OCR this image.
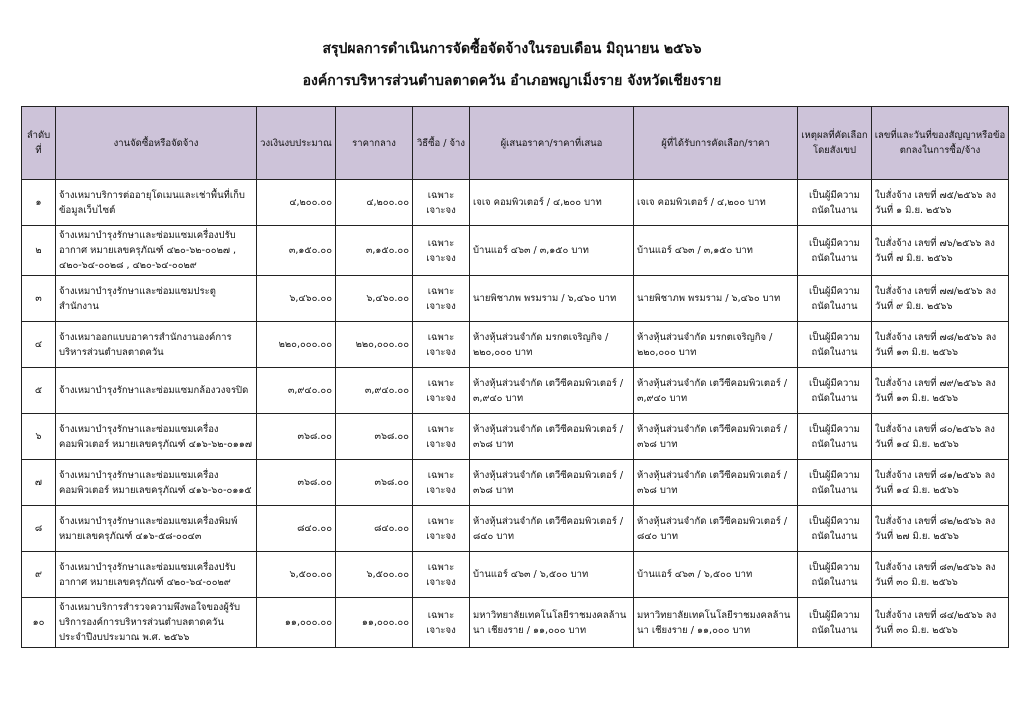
สรุปผลการดำเนินการจัดซื้อจัดจ้างในรอบเดือน มิถุนายน ๒๕๖๖
องค์การบริหารส่วนตำบลตาดควัน อำเภอพญาเม็งราย จังหวัดเชียงราย
ลำดับที่	งานจัดซื้อหรือจัดจ้าง	วงเงินงบประมาณ	ราคากลาง	วิธีซื้อ / จ้าง	ผู้เสนอราคา/ราคาที่เสนอ	ผู้ที่ได้รับการคัดเลือก/ราคา	เหตุผลที่คัดเลือกโดยสังเขป	เลขที่และวันที่ของสัญญาหรือข้อตกลงในการซื้อ/จ้าง
๑	จ้างเหมาบริการต่ออายุโดเมนและเช่าพื้นที่เก็บข้อมูลเว็บไซต์	๔,๒๐๐.๐๐	๔,๒๐๐.๐๐	เฉพาะเจาะจง	เจเจ คอมพิวเตอร์ / ๔,๒๐๐ บาท	เจเจ คอมพิวเตอร์ / ๔,๒๐๐ บาท	เป็นผู้มีความถนัดในงาน	ใบสั่งจ้าง เลขที่ ๗๕/๒๕๖๖ ลงวันที่ ๑ มิ.ย. ๒๕๖๖
๒	จ้างเหมาบำรุงรักษาและซ่อมแซมเครื่องปรับอากาศ หมายเลขครุภัณฑ์ ๔๒๐-๖๒-๐๐๒๗ , ๔๒๐-๖๔-๐๐๒๘ , ๔๒๐-๖๔-๐๐๒๙	๓,๑๕๐.๐๐	๓,๑๕๐.๐๐	เฉพาะเจาะจง	บ้านแอร์ ๔๖๓ / ๓,๑๕๐ บาท	บ้านแอร์ ๔๖๓ / ๓,๑๕๐ บาท	เป็นผู้มีความถนัดในงาน	ใบสั่งจ้าง เลขที่ ๗๖/๒๕๖๖ ลงวันที่ ๗ มิ.ย. ๒๕๖๖
๓	จ้างเหมาบำรุงรักษาและซ่อมแซมประตูสำนักงาน	๖,๔๖๐.๐๐	๖,๔๖๐.๐๐	เฉพาะเจาะจง	นายพิชาภพ พรมราม / ๖,๔๖๐ บาท	นายพิชาภพ พรมราม / ๖,๔๖๐ บาท	เป็นผู้มีความถนัดในงาน	ใบสั่งจ้าง เลขที่ ๗๗/๒๕๖๖ ลงวันที่ ๙ มิ.ย. ๒๕๖๖
๔	จ้างเหมาออกแบบอาคารสำนักงานองค์การบริหารส่วนตำบลตาดควัน	๒๒๐,๐๐๐.๐๐	๒๒๐,๐๐๐.๐๐	เฉพาะเจาะจง	ห้างหุ้นส่วนจำกัด มรกตเจริญกิจ / ๒๒๐,๐๐๐ บาท	ห้างหุ้นส่วนจำกัด มรกตเจริญกิจ / ๒๒๐,๐๐๐ บาท	เป็นผู้มีความถนัดในงาน	ใบสั่งจ้าง เลขที่ ๗๘/๒๕๖๖ ลงวันที่ ๑๓ มิ.ย. ๒๕๖๖
๕	จ้างเหมาบำรุงรักษาและซ่อมแซมกล้องวงจรปิด	๓,๙๔๐.๐๐	๓,๙๔๐.๐๐	เฉพาะเจาะจง	ห้างหุ้นส่วนจำกัด เตวีซีคอมพิวเตอร์ / ๓,๙๔๐ บาท	ห้างหุ้นส่วนจำกัด เตวีซีคอมพิวเตอร์ / ๓,๙๔๐ บาท	เป็นผู้มีความถนัดในงาน	ใบสั่งจ้าง เลขที่ ๗๙/๒๕๖๖ ลงวันที่ ๑๓ มิ.ย. ๒๕๖๖
๖	จ้างเหมาบำรุงรักษาและซ่อมแซมเครื่องคอมพิวเตอร์ หมายเลขครุภัณฑ์ ๔๑๖-๖๒-๐๑๑๗	๓๖๘.๐๐	๓๖๘.๐๐	เฉพาะเจาะจง	ห้างหุ้นส่วนจำกัด เตวีซีคอมพิวเตอร์ / ๓๖๘ บาท	ห้างหุ้นส่วนจำกัด เตวีซีคอมพิวเตอร์ / ๓๖๘ บาท	เป็นผู้มีความถนัดในงาน	ใบสั่งจ้าง เลขที่ ๘๐/๒๕๖๖ ลงวันที่ ๑๔ มิ.ย. ๒๕๖๖
๗	จ้างเหมาบำรุงรักษาและซ่อมแซมเครื่องคอมพิวเตอร์ หมายเลขครุภัณฑ์ ๔๑๖-๖๐-๐๑๑๕	๓๖๘.๐๐	๓๖๘.๐๐	เฉพาะเจาะจง	ห้างหุ้นส่วนจำกัด เตวีซีคอมพิวเตอร์ / ๓๖๘ บาท	ห้างหุ้นส่วนจำกัด เตวีซีคอมพิวเตอร์ / ๓๖๘ บาท	เป็นผู้มีความถนัดในงาน	ใบสั่งจ้าง เลขที่ ๘๑/๒๕๖๖ ลงวันที่ ๑๔ มิ.ย. ๒๕๖๖
๘	จ้างเหมาบำรุงรักษาและซ่อมแซมเครื่องพิมพ์ หมายเลขครุภัณฑ์ ๔๑๖-๕๘-๐๐๔๓	๘๔๐.๐๐	๘๔๐.๐๐	เฉพาะเจาะจง	ห้างหุ้นส่วนจำกัด เตวีซีคอมพิวเตอร์ / ๘๔๐ บาท	ห้างหุ้นส่วนจำกัด เตวีซีคอมพิวเตอร์ / ๘๔๐ บาท	เป็นผู้มีความถนัดในงาน	ใบสั่งจ้าง เลขที่ ๘๒/๒๕๖๖ ลงวันที่ ๒๗ มิ.ย. ๒๕๖๖
๙	จ้างเหมาบำรุงรักษาและซ่อมแซมเครื่องปรับอากาศ หมายเลขครุภัณฑ์ ๔๒๐-๖๔-๐๐๒๙	๖,๕๐๐.๐๐	๖,๕๐๐.๐๐	เฉพาะเจาะจง	บ้านแอร์ ๔๖๓ / ๖,๕๐๐ บาท	บ้านแอร์ ๔๖๓ / ๖,๕๐๐ บาท	เป็นผู้มีความถนัดในงาน	ใบสั่งจ้าง เลขที่ ๘๓/๒๕๖๖ ลงวันที่ ๓๐ มิ.ย. ๒๕๖๖
๑๐	จ้างเหมาบริการสำรวจความพึงพอใจของผู้รับบริการองค์การบริหารส่วนตำบลตาดควัน ประจำปีงบประมาณ พ.ศ. ๒๕๖๖	๑๑,๐๐๐.๐๐	๑๑,๐๐๐.๐๐	เฉพาะเจาะจง	มหาวิทยาลัยเทคโนโลยีราชมงคลล้านนา เชียงราย / ๑๑,๐๐๐ บาท	มหาวิทยาลัยเทคโนโลยีราชมงคลล้านนา เชียงราย / ๑๑,๐๐๐ บาท	เป็นผู้มีความถนัดในงาน	ใบสั่งจ้าง เลขที่ ๘๔/๒๕๖๖ ลงวันที่ ๓๐ มิ.ย. ๒๕๖๖
